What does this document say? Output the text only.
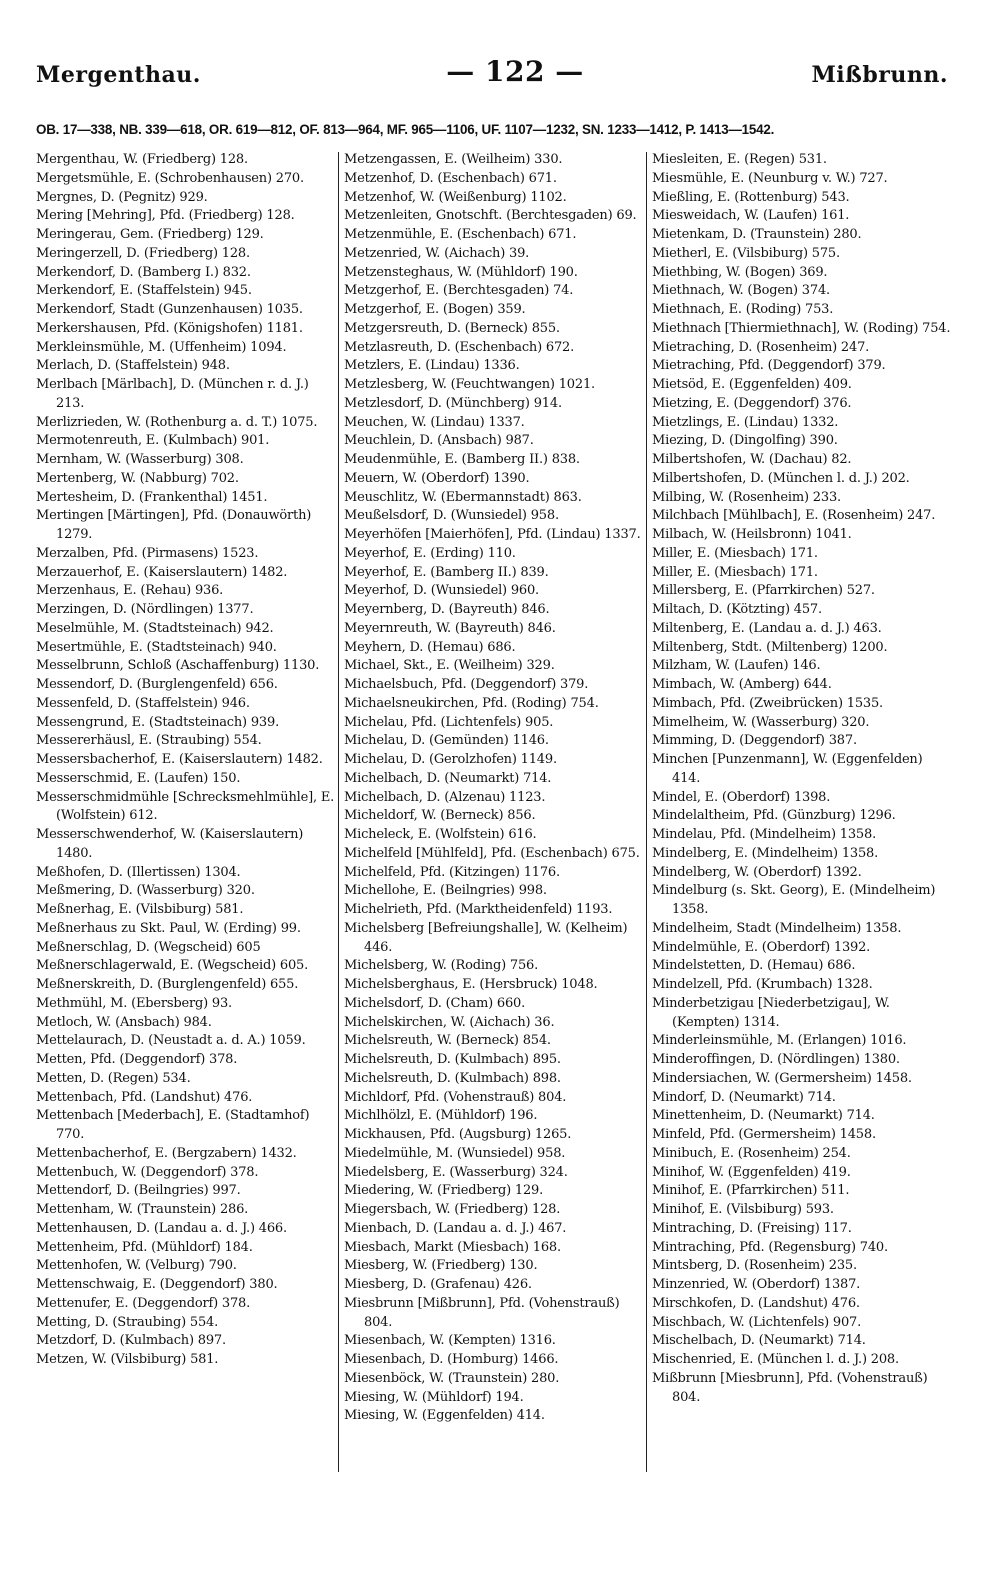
Mergenthau.	— 122 —	Mißbrunn.
OB. 17—338, NB. 339—618, OR. 619—812, OF. 813—964, MF. 965—1106, UF. 1107—1232, SN. 1233—1412, P. 1413—1542.
Mergenthau, W. (Friedberg) 128.
Mergetsmühle, E. (Schrobenhausen) 270.
Mergnes, D. (Pegnitz) 929.
Mering [Mehring], Pfd. (Friedberg) 128.
Meringerau, Gem. (Friedberg) 129.
Meringerzell, D. (Friedberg) 128.
Merkendorf, D. (Bamberg I.) 832.
Merkendorf, E. (Staffelstein) 945.
Merkendorf, Stadt (Gunzenhausen) 1035.
Merkershausen, Pfd. (Königshofen) 1181.
Merkleinsmühle, M. (Uffenheim) 1094.
Merlach, D. (Staffelstein) 948.
Merlbach [Märlbach], D. (München r. d. J.) 213.
Merlizrieden, W. (Rothenburg a. d. T.) 1075.
Mermotenreuth, E. (Kulmbach) 901.
Mernham, W. (Wasserburg) 308.
Mertenberg, W. (Nabburg) 702.
Mertesheim, D. (Frankenthal) 1451.
Mertingen [Märtingen], Pfd. (Donauwörth) 1279.
Merzalben, Pfd. (Pirmasens) 1523.
Merzauerhof, E. (Kaiserslautern) 1482.
Merzenhaus, E. (Rehau) 936.
Merzingen, D. (Nördlingen) 1377.
Meselmühle, M. (Stadtsteinach) 942.
Mesertmühle, E. (Stadtsteinach) 940.
Messelbrunn, Schloß (Aschaffenburg) 1130.
Messendorf, D. (Burglengenfeld) 656.
Messenfeld, D. (Staffelstein) 946.
Messengrund, E. (Stadtsteinach) 939.
Messererhäusl, E. (Straubing) 554.
Messersbacherhof, E. (Kaiserslautern) 1482.
Messerschmid, E. (Laufen) 150.
Messerschmidmühle [Schrecksmehlmühle], E. (Wolfstein) 612.
Messerschwenderhof, W. (Kaiserslautern) 1480.
Meßhofen, D. (Illertissen) 1304.
Meßmering, D. (Wasserburg) 320.
Meßnerhag, E. (Vilsbiburg) 581.
Meßnerhaus zu Skt. Paul, W. (Erding) 99.
Meßnerschlag, D. (Wegscheid) 605
Meßnerschlagerwald, E. (Wegscheid) 605.
Meßnerskreith, D. (Burglengenfeld) 655.
Methmühl, M. (Ebersberg) 93.
Metloch, W. (Ansbach) 984.
Mettelaurach, D. (Neustadt a. d. A.) 1059.
Metten, Pfd. (Deggendorf) 378.
Metten, D. (Regen) 534.
Mettenbach, Pfd. (Landshut) 476.
Mettenbach [Mederbach], E. (Stadtamhof) 770.
Mettenbacherhof, E. (Bergzabern) 1432.
Mettenbuch, W. (Deggendorf) 378.
Mettendorf, D. (Beilngries) 997.
Mettenham, W. (Traunstein) 286.
Mettenhausen, D. (Landau a. d. J.) 466.
Mettenheim, Pfd. (Mühldorf) 184.
Mettenhofen, W. (Velburg) 790.
Mettenschwaig, E. (Deggendorf) 380.
Mettenufer, E. (Deggendorf) 378.
Metting, D. (Straubing) 554.
Metzdorf, D. (Kulmbach) 897.
Metzen, W. (Vilsbiburg) 581.
Metzengassen, E. (Weilheim) 330.
Metzenhof, D. (Eschenbach) 671.
Metzenhof, W. (Weißenburg) 1102.
Metzenleiten, Gnotschft. (Berchtesgaden) 69.
Metzenmühle, E. (Eschenbach) 671.
Metzenried, W. (Aichach) 39.
Metzensteghaus, W. (Mühldorf) 190.
Metzgerhof, E. (Berchtesgaden) 74.
Metzgerhof, E. (Bogen) 359.
Metzgersreuth, D. (Berneck) 855.
Metzlasreuth, D. (Eschenbach) 672.
Metzlers, E. (Lindau) 1336.
Metzlesberg, W. (Feuchtwangen) 1021.
Metzlesdorf, D. (Münchberg) 914.
Meuchen, W. (Lindau) 1337.
Meuchlein, D. (Ansbach) 987.
Meudenmühle, E. (Bamberg II.) 838.
Meuern, W. (Oberdorf) 1390.
Meuschlitz, W. (Ebermannstadt) 863.
Meußelsdorf, D. (Wunsiedel) 958.
Meyerhöfen [Maierhöfen], Pfd. (Lindau) 1337.
Meyerhof, E. (Erding) 110.
Meyerhof, E. (Bamberg II.) 839.
Meyerhof, D. (Wunsiedel) 960.
Meyernberg, D. (Bayreuth) 846.
Meyernreuth, W. (Bayreuth) 846.
Meyhern, D. (Hemau) 686.
Michael, Skt., E. (Weilheim) 329.
Michaelsbuch, Pfd. (Deggendorf) 379.
Michaelsneukirchen, Pfd. (Roding) 754.
Michelau, Pfd. (Lichtenfels) 905.
Michelau, D. (Gemünden) 1146.
Michelau, D. (Gerolzhofen) 1149.
Michelbach, D. (Neumarkt) 714.
Michelbach, D. (Alzenau) 1123.
Micheldorf, W. (Berneck) 856.
Micheleck, E. (Wolfstein) 616.
Michelfeld [Mühlfeld], Pfd. (Eschenbach) 675.
Michelfeld, Pfd. (Kitzingen) 1176.
Michellohe, E. (Beilngries) 998.
Michelrieth, Pfd. (Marktheidenfeld) 1193.
Michelsberg [Befreiungshalle], W. (Kelheim) 446.
Michelsberg, W. (Roding) 756.
Michelsberghaus, E. (Hersbruck) 1048.
Michelsdorf, D. (Cham) 660.
Michelskirchen, W. (Aichach) 36.
Michelsreuth, W. (Berneck) 854.
Michelsreuth, D. (Kulmbach) 895.
Michelsreuth, D. (Kulmbach) 898.
Michldorf, Pfd. (Vohenstrauß) 804.
Michlhölzl, E. (Mühldorf) 196.
Mickhausen, Pfd. (Augsburg) 1265.
Miedelmühle, M. (Wunsiedel) 958.
Miedelsberg, E. (Wasserburg) 324.
Miedering, W. (Friedberg) 129.
Miegersbach, W. (Friedberg) 128.
Mienbach, D. (Landau a. d. J.) 467.
Miesbach, Markt (Miesbach) 168.
Miesberg, W. (Friedberg) 130.
Miesberg, D. (Grafenau) 426.
Miesbrunn [Mißbrunn], Pfd. (Vohenstrauß) 804.
Miesenbach, W. (Kempten) 1316.
Miesenbach, D. (Homburg) 1466.
Miesenböck, W. (Traunstein) 280.
Miesing, W. (Mühldorf) 194.
Miesing, W. (Eggenfelden) 414.
Miesleiten, E. (Regen) 531.
Miesmühle, E. (Neunburg v. W.) 727.
Mießling, E. (Rottenburg) 543.
Miesweidach, W. (Laufen) 161.
Mietenkam, D. (Traunstein) 280.
Mietherl, E. (Vilsbiburg) 575.
Miethbing, W. (Bogen) 369.
Miethnach, W. (Bogen) 374.
Miethnach, E. (Roding) 753.
Miethnach [Thiermiethnach], W. (Roding) 754.
Mietraching, D. (Rosenheim) 247.
Mietraching, Pfd. (Deggendorf) 379.
Mietsöd, E. (Eggenfelden) 409.
Mietzing, E. (Deggendorf) 376.
Mietzlings, E. (Lindau) 1332.
Miezing, D. (Dingolfing) 390.
Milbertshofen, W. (Dachau) 82.
Milbertshofen, D. (München l. d. J.) 202.
Milbing, W. (Rosenheim) 233.
Milchbach [Mühlbach], E. (Rosenheim) 247.
Milbach, W. (Heilsbronn) 1041.
Miller, E. (Miesbach) 171.
Miller, E. (Miesbach) 171.
Millersberg, E. (Pfarrkirchen) 527.
Miltach, D. (Kötzting) 457.
Miltenberg, E. (Landau a. d. J.) 463.
Miltenberg, Stdt. (Miltenberg) 1200.
Milzham, W. (Laufen) 146.
Mimbach, W. (Amberg) 644.
Mimbach, Pfd. (Zweibrücken) 1535.
Mimelheim, W. (Wasserburg) 320.
Mimming, D. (Deggendorf) 387.
Minchen [Punzenmann], W. (Eggenfelden) 414.
Mindel, E. (Oberdorf) 1398.
Mindelaltheim, Pfd. (Günzburg) 1296.
Mindelau, Pfd. (Mindelheim) 1358.
Mindelberg, E. (Mindelheim) 1358.
Mindelberg, W. (Oberdorf) 1392.
Mindelburg (s. Skt. Georg), E. (Mindelheim) 1358.
Mindelheim, Stadt (Mindelheim) 1358.
Mindelmühle, E. (Oberdorf) 1392.
Mindelstetten, D. (Hemau) 686.
Mindelzell, Pfd. (Krumbach) 1328.
Minderbetzigau [Niederbetzigau], W. (Kempten) 1314.
Minderleinsmühle, M. (Erlangen) 1016.
Minderoffingen, D. (Nördlingen) 1380.
Mindersiachen, W. (Germersheim) 1458.
Mindorf, D. (Neumarkt) 714.
Minettenheim, D. (Neumarkt) 714.
Minfeld, Pfd. (Germersheim) 1458.
Minibuch, E. (Rosenheim) 254.
Minihof, W. (Eggenfelden) 419.
Minihof, E. (Pfarrkirchen) 511.
Minihof, E. (Vilsbiburg) 593.
Mintraching, D. (Freising) 117.
Mintraching, Pfd. (Regensburg) 740.
Mintsberg, D. (Rosenheim) 235.
Minzenried, W. (Oberdorf) 1387.
Mirschkofen, D. (Landshut) 476.
Mischbach, W. (Lichtenfels) 907.
Mischelbach, D. (Neumarkt) 714.
Mischenried, E. (München l. d. J.) 208.
Mißbrunn [Miesbrunn], Pfd. (Vohenstrauß) 804.
